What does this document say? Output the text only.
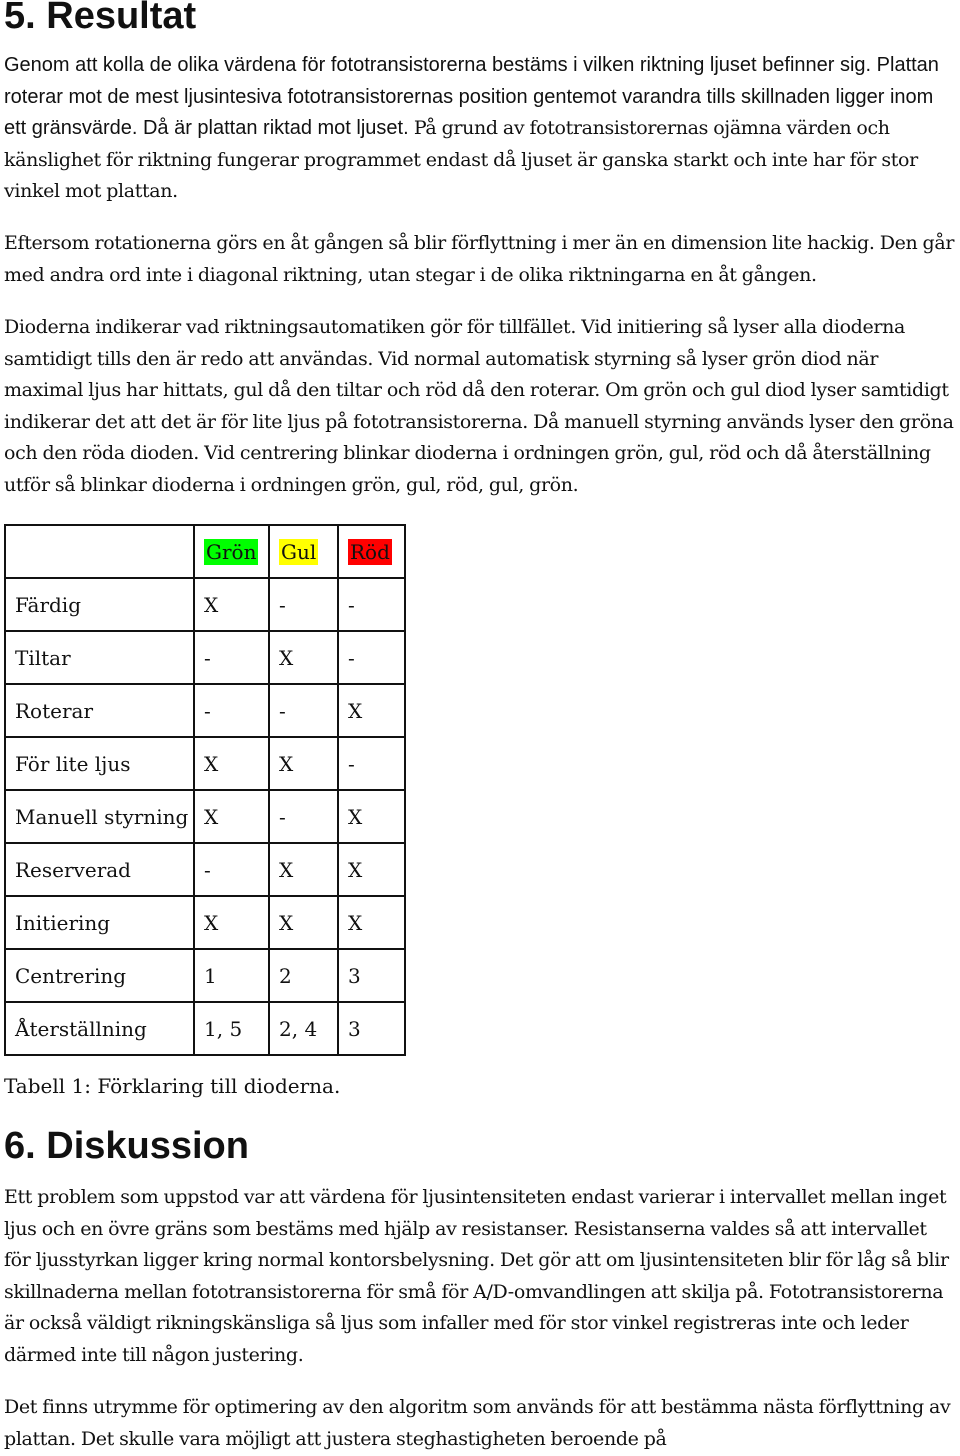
5. Resultat

Genom att kolla de olika värdena för fototransistorerna bestäms i vilken riktning ljuset befinner sig. Plattan roterar mot de mest ljusintesiva fototransistorernas position gentemot varandra tills skillnaden ligger inom ett gränsvärde. Då är plattan riktad mot ljuset. På grund av fototransistorernas ojämna värden och känslighet för riktning fungerar programmet endast då ljuset är ganska starkt och inte har för stor vinkel mot plattan.

Eftersom rotationerna görs en åt gången så blir förflyttning i mer än en dimension lite hackig. Den går med andra ord inte i diagonal riktning, utan stegar i de olika riktningarna en åt gången.

Dioderna indikerar vad riktningsautomatiken gör för tillfället. Vid initiering så lyser alla dioderna samtidigt tills den är redo att användas. Vid normal automatisk styrning så lyser grön diod när maximal ljus har hittats, gul då den tiltar och röd då den roterar. Om grön och gul diod lyser samtidigt indikerar det att det är för lite ljus på fototransistorerna. Då manuell styrning används lyser den gröna och den röda dioden. Vid centrering blinkar dioderna i ordningen grön, gul, röd och då återställning utför så blinkar dioderna i ordningen grön, gul, röd, gul, grön.

	Grön	Gul	Röd
Färdig	X	-	-
Tiltar	-	X	-
Roterar	-	-	X
För lite ljus	X	X	-
Manuell styrning	X	-	X
Reserverad	-	X	X
Initiering	X	X	X
Centrering	1	2	3
Återställning	1, 5	2, 4	3

Tabell 1: Förklaring till dioderna.

6. Diskussion

Ett problem som uppstod var att värdena för ljusintensiteten endast varierar i intervallet mellan inget ljus och en övre gräns som bestäms med hjälp av resistanser. Resistanserna valdes så att intervallet för ljusstyrkan ligger kring normal kontorsbelysning. Det gör att om ljusintensiteten blir för låg så blir skillnaderna mellan fototransistorerna för små för A/D-omvandlingen att skilja på. Fototransistorerna är också väldigt rikningskänsliga så ljus som infaller med för stor vinkel registreras inte och leder därmed inte till någon justering.

Det finns utrymme för optimering av den algoritm som används för att bestämma nästa förflyttning av plattan. Det skulle vara möjligt att justera steghastigheten beroende på
